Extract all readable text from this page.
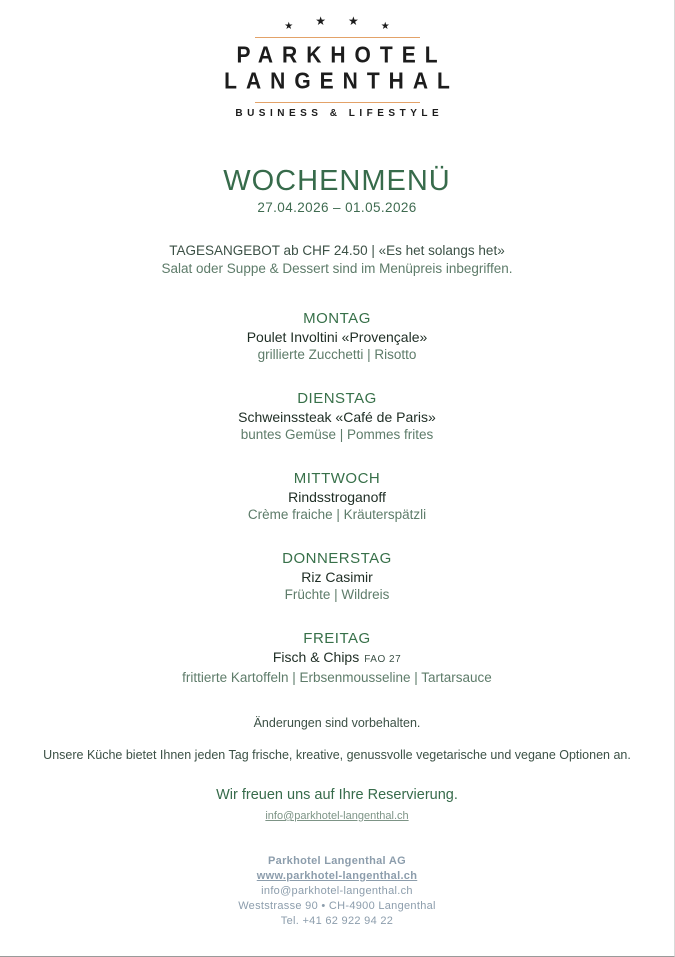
★ ★ ★ ★
PARKHOTEL
LANGENTHAL
BUSINESS & LIFESTYLE
WOCHENMENÜ
27.04.2026 – 01.05.2026
TAGESANGEBOT ab CHF 24.50 | «Es het solangs het»
Salat oder Suppe & Dessert sind im Menüpreis inbegriffen.
MONTAG
Poulet Involtini «Provençale»
grillierte Zucchetti | Risotto
DIENSTAG
Schweinssteak «Café de Paris»
buntes Gemüse | Pommes frites
MITTWOCH
Rindsstroganoff
Crème fraiche | Kräuterspätzli
DONNERSTAG
Riz Casimir
Früchte | Wildreis
FREITAG
Fisch & Chips FAO 27
frittierte Kartoffeln | Erbsenmousseline | Tartarsauce
Änderungen sind vorbehalten.
Unsere Küche bietet Ihnen jeden Tag frische, kreative, genussvolle vegetarische und vegane Optionen an.
Wir freuen uns auf Ihre Reservierung.
info@parkhotel-langenthal.ch
Parkhotel Langenthal AG
www.parkhotel-langenthal.ch
info@parkhotel-langenthal.ch
Weststrasse 90 • CH-4900 Langenthal
Tel. +41 62 922 94 22
